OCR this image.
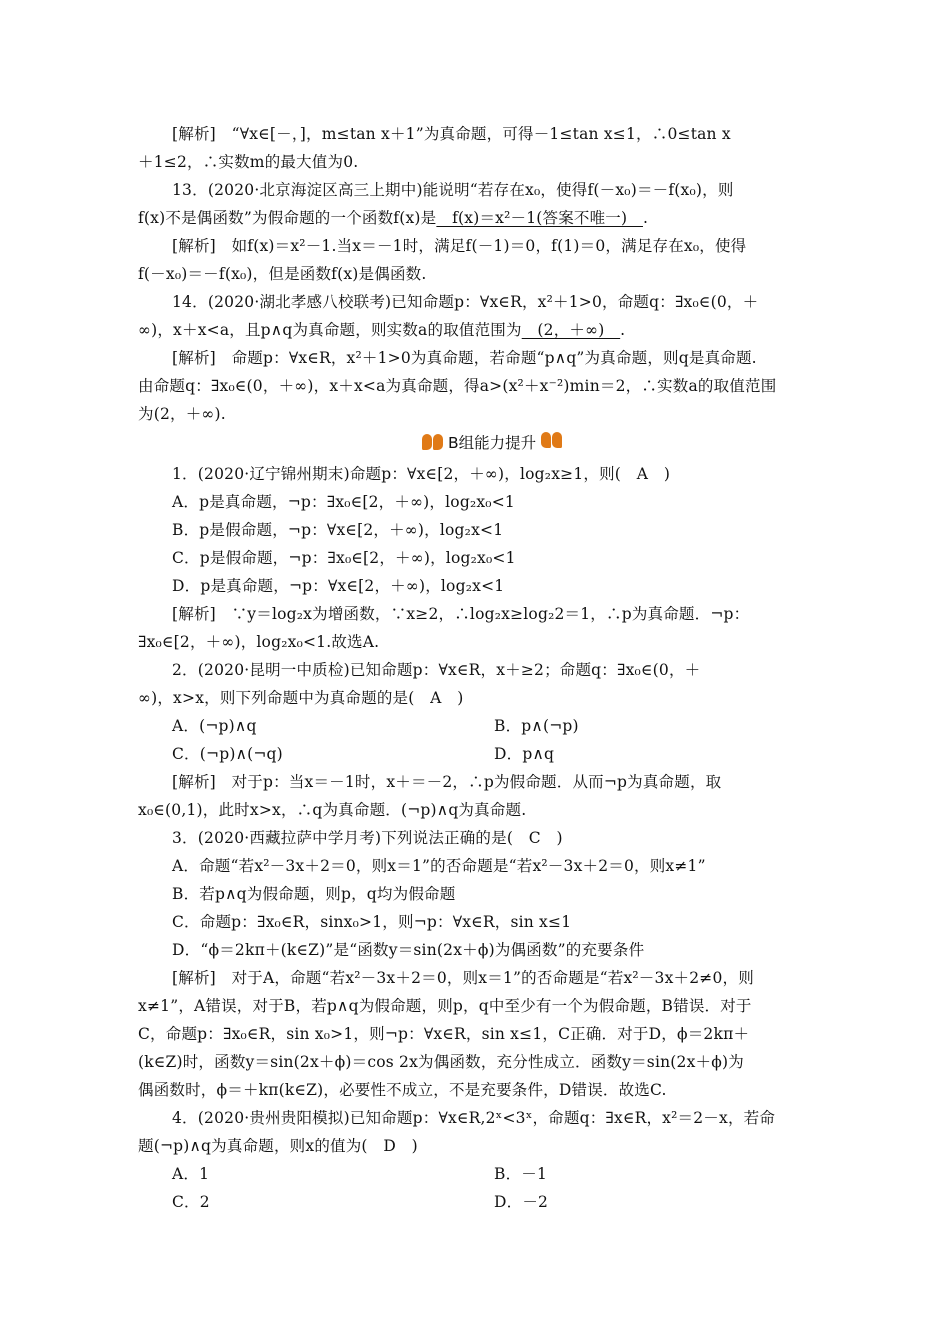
[解析]　“∀x∈[－，]，m≤tan x＋1”为真命题，可得－1≤tan x≤1，∴0≤tan x
＋1≤2，∴实数m的最大值为0.
13．(2020·北京海淀区高三上期中)能说明“若存在x₀，使得f(－x₀)＝－f(x₀)，则
f(x)不是偶函数”为假命题的一个函数f(x)是　f(x)＝x²－1(答案不唯一)　.
[解析]　如f(x)＝x²－1.当x＝－1时，满足f(－1)＝0，f(1)＝0，满足存在x₀，使得
f(－x₀)＝－f(x₀)，但是函数f(x)是偶函数.
14．(2020·湖北孝感八校联考)已知命题p：∀x∈R，x²＋1>0，命题q：∃x₀∈(0，＋
∞)，x＋x<a，且p∧q为真命题，则实数a的取值范围为　(2，＋∞)　.
[解析]　命题p：∀x∈R，x²＋1>0为真命题，若命题“p∧q”为真命题，则q是真命题.
由命题q：∃x₀∈(0，＋∞)，x＋x<a为真命题，得a>(x²＋x⁻²)min＝2，∴实数a的取值范围
为(2，＋∞).
B组能力提升
1．(2020·辽宁锦州期末)命题p：∀x∈[2，＋∞)，log₂x≥1，则(　A　)
A．p是真命题，¬p：∃x₀∈[2，＋∞)，log₂x₀<1
B．p是假命题，¬p：∀x∈[2，＋∞)，log₂x<1
C．p是假命题，¬p：∃x₀∈[2，＋∞)，log₂x₀<1
D．p是真命题，¬p：∀x∈[2，＋∞)，log₂x<1
[解析]　∵y＝log₂x为增函数，∵x≥2，∴log₂x≥log₂2＝1，∴p为真命题．¬p：
∃x₀∈[2，＋∞)，log₂x₀<1.故选A.
2．(2020·昆明一中质检)已知命题p：∀x∈R，x＋≥2；命题q：∃x₀∈(0，＋
∞)，x>x，则下列命题中为真命题的是(　A　)
A．(¬p)∧q	B．p∧(¬p)
C．(¬p)∧(¬q)	D．p∧q
[解析]　对于p：当x＝－1时，x＋＝－2，∴p为假命题．从而¬p为真命题，取
x₀∈(0,1)，此时x>x，∴q为真命题．(¬p)∧q为真命题.
3．(2020·西藏拉萨中学月考)下列说法正确的是(　C　)
A．命题“若x²－3x＋2＝0，则x＝1”的否命题是“若x²－3x＋2＝0，则x≠1”
B．若p∧q为假命题，则p，q均为假命题
C．命题p：∃x₀∈R，sinx₀>1，则¬p：∀x∈R，sin x≤1
D．“ϕ＝2kπ＋(k∈Z)”是“函数y＝sin(2x＋ϕ)为偶函数”的充要条件
[解析]　对于A，命题“若x²－3x＋2＝0，则x＝1”的否命题是“若x²－3x＋2≠0，则
x≠1”，A错误，对于B，若p∧q为假命题，则p，q中至少有一个为假命题，B错误．对于
C，命题p：∃x₀∈R，sin x₀>1，则¬p：∀x∈R，sin x≤1，C正确．对于D，ϕ＝2kπ＋
(k∈Z)时，函数y＝sin(2x＋ϕ)＝cos 2x为偶函数，充分性成立．函数y＝sin(2x＋ϕ)为
偶函数时，ϕ＝＋kπ(k∈Z)，必要性不成立，不是充要条件，D错误．故选C.
4．(2020·贵州贵阳模拟)已知命题p：∀x∈R,2ˣ<3ˣ，命题q：∃x∈R，x²＝2－x，若命
题(¬p)∧q为真命题，则x的值为(　D　)
A．1	B．－1
C．2	D．－2
